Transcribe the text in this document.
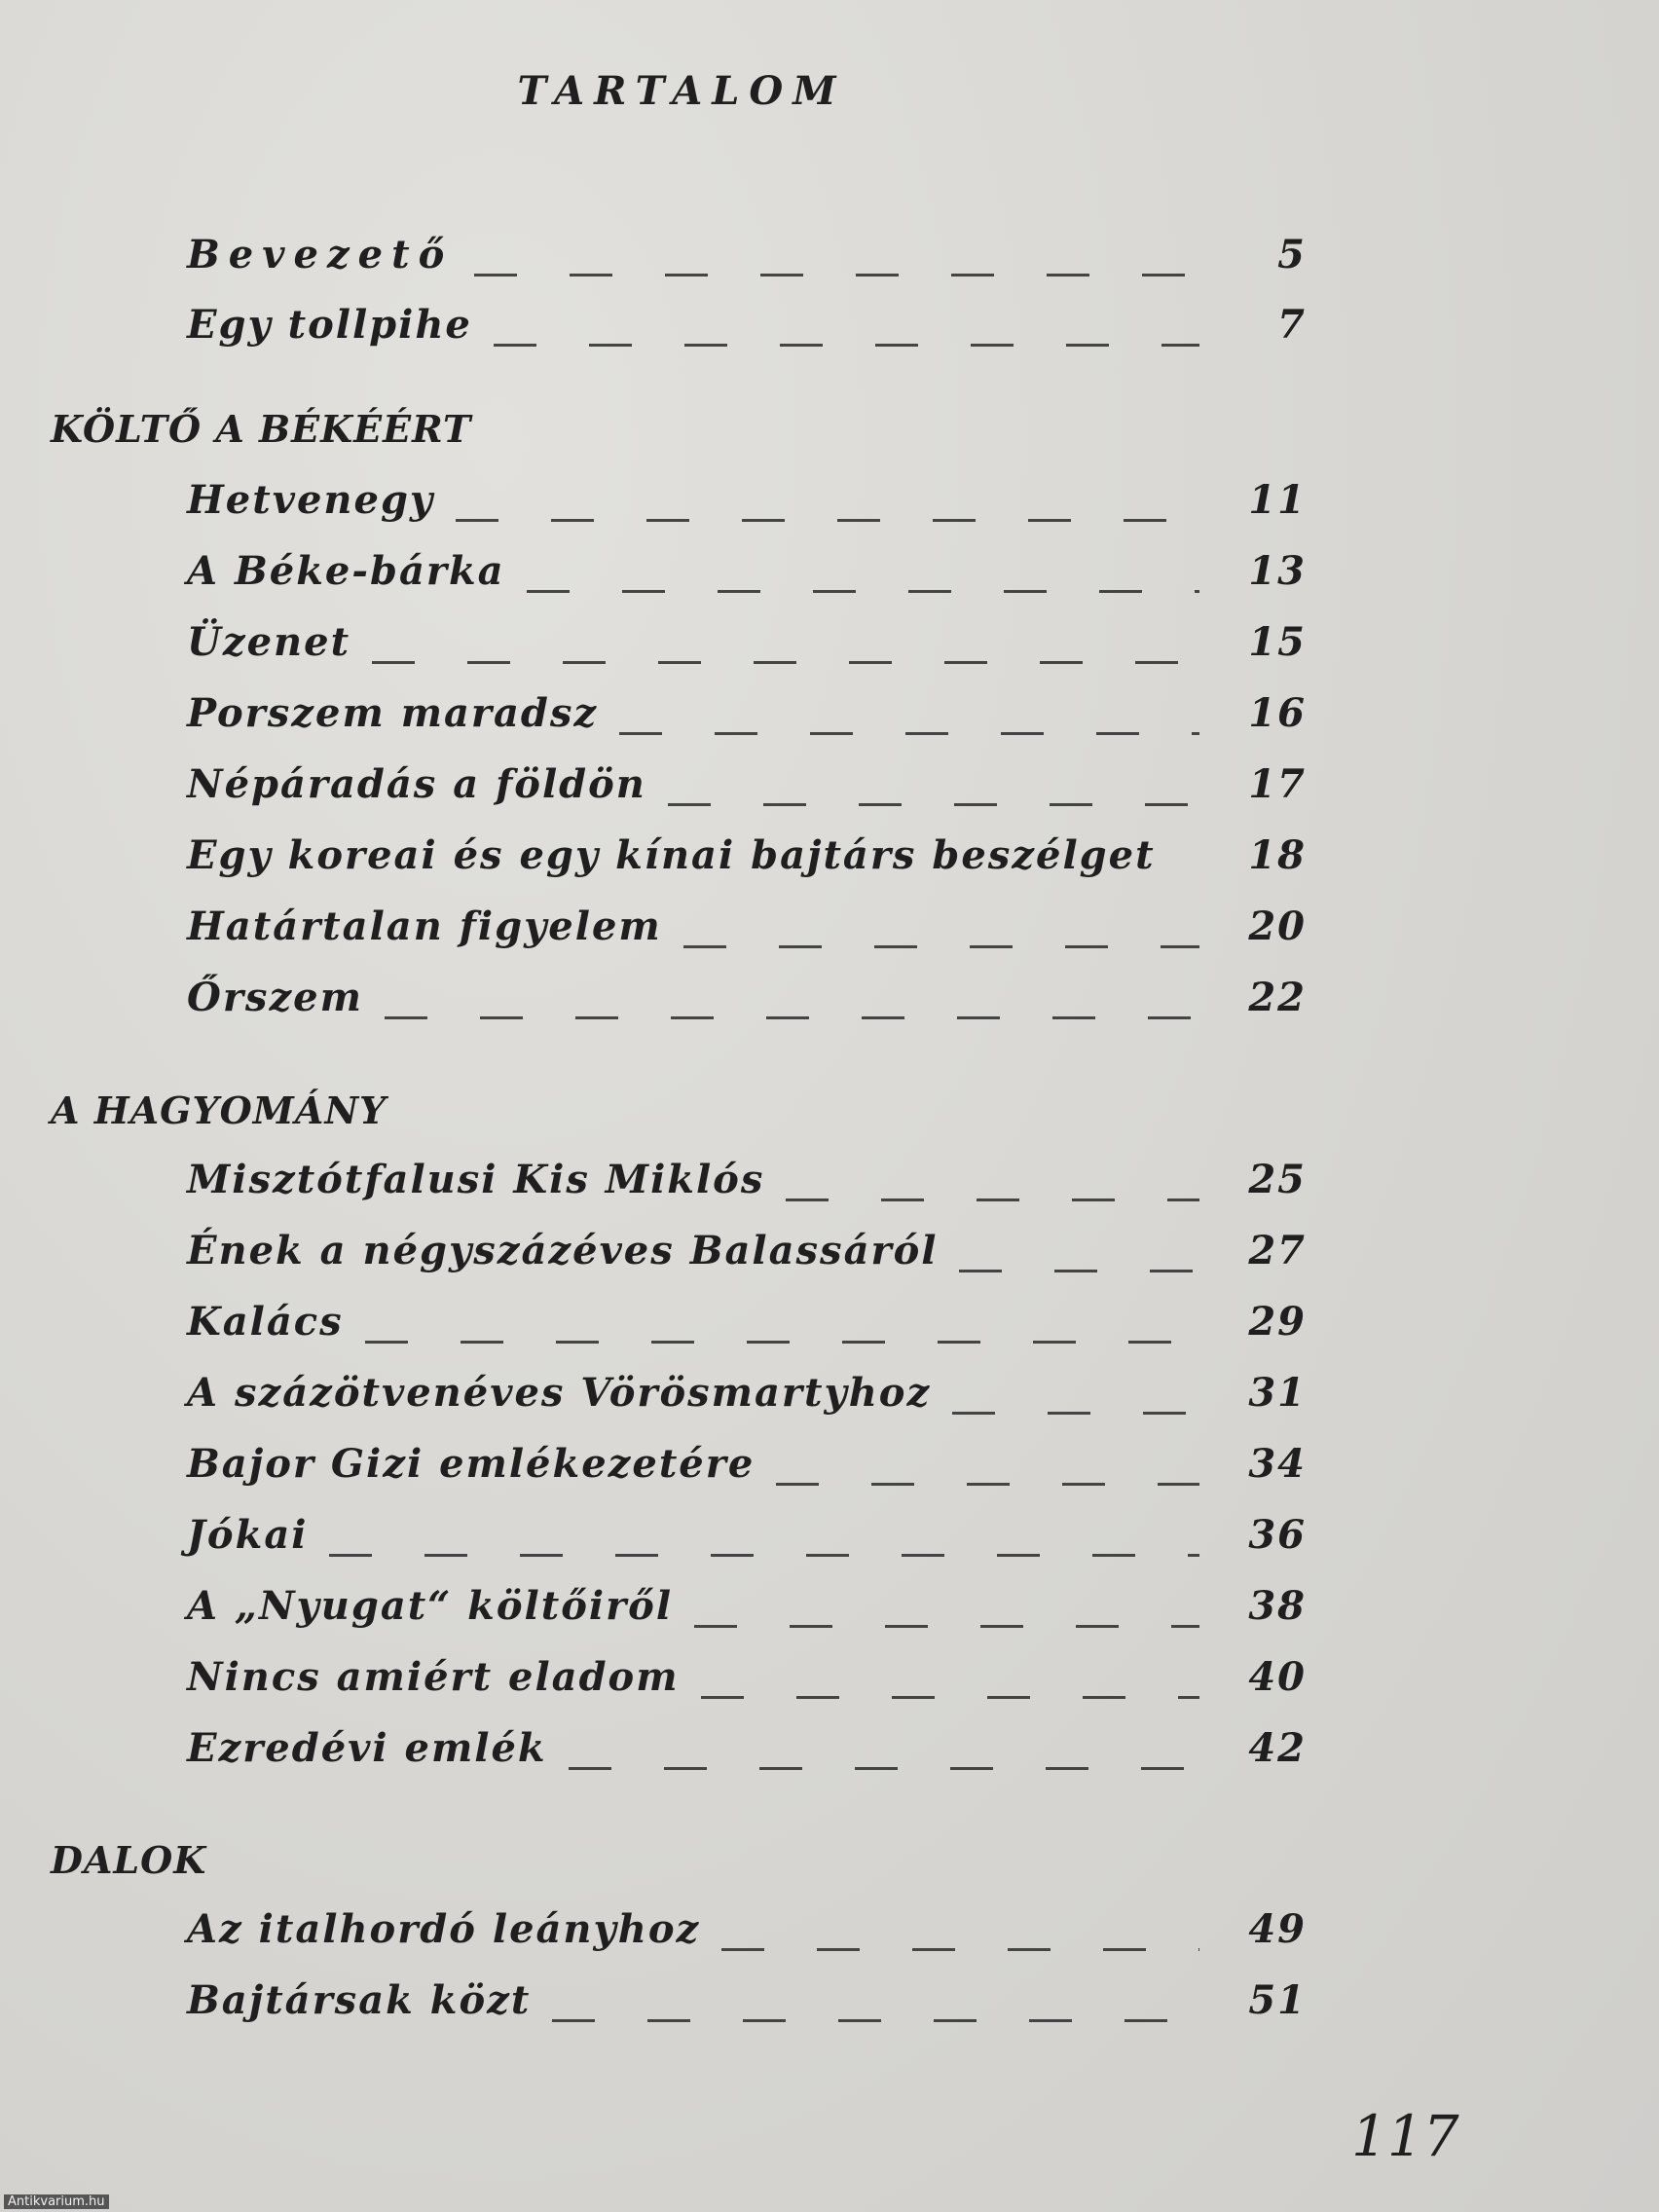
TARTALOM
Bevezető	5
Egy tollpihe	7
KÖLTŐ A BÉKÉÉRT
Hetvenegy	11
A Béke-bárka	13
Üzenet	15
Porszem maradsz	16
Népáradás a földön	17
Egy koreai és egy kínai bajtárs beszélget 18
Határtalan figyelem	20
Őrszem	22
A HAGYOMÁNY
Misztótfalusi Kis Miklós	25
Ének a négyszázéves Balassáról	27
Kalács	29
A százötvenéves Vörösmartyhoz	31
Bajor Gizi emlékezetére	34
Jókai	36
A „Nyugat“ költőiről	38
Nincs amiért eladom	40
Ezredévi emlék	42
DALOK
Az italhordó leányhoz	49
Bajtársak közt	51
117
Antikvarium.hu
